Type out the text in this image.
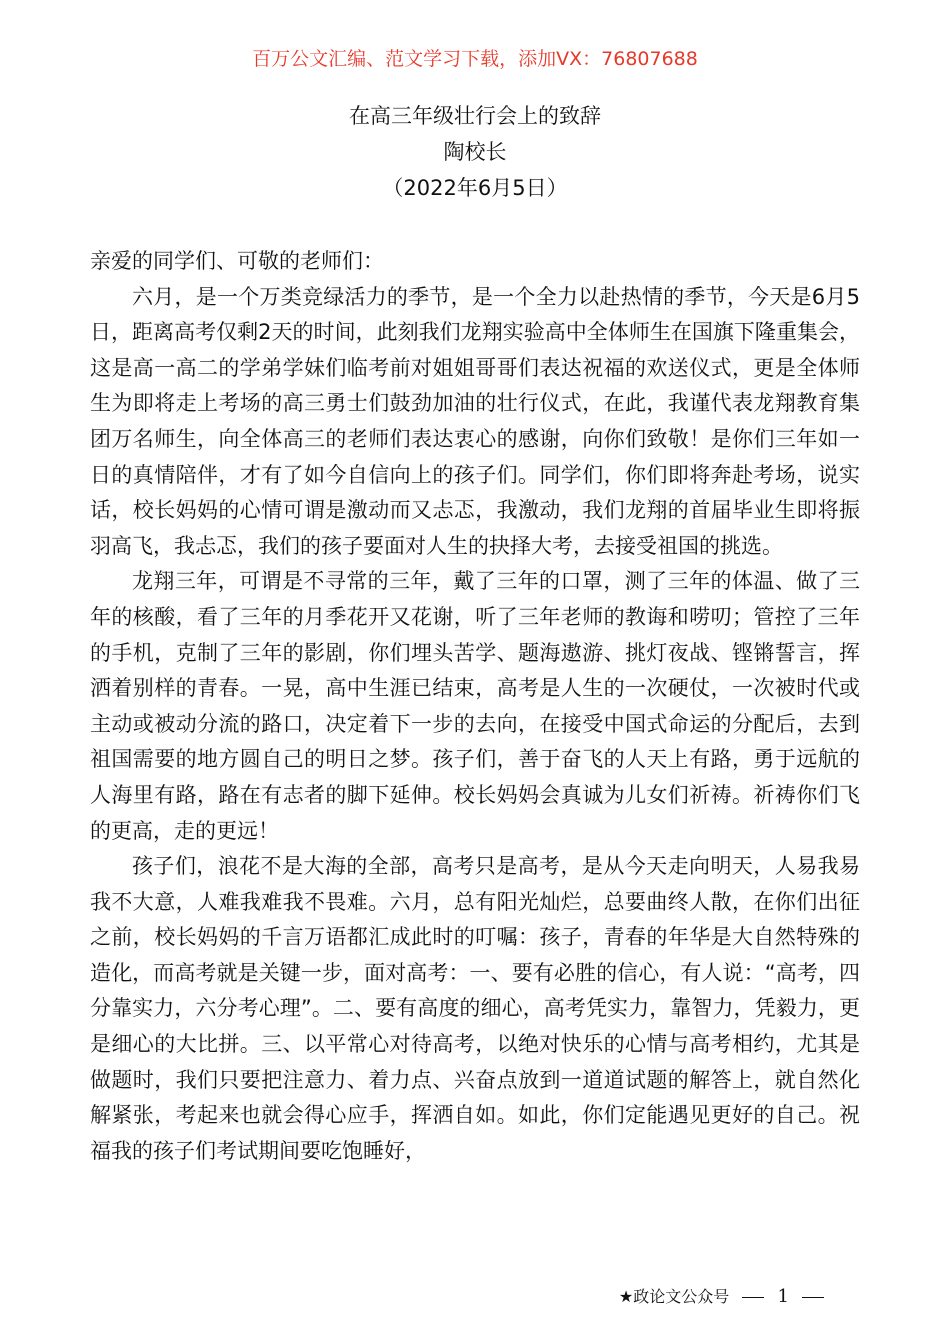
百万公文汇编、范文学习下载，添加VX：76807688
在高三年级壮行会上的致辞
陶校长
（2022年6月5日）

亲爱的同学们、可敬的老师们：

六月，是一个万类竞绿活力的季节，是一个全力以赴热情的季节，今天是6月5日，距离高考仅剩2天的时间，此刻我们龙翔实验高中全体师生在国旗下隆重集会，这是高一高二的学弟学妹们临考前对姐姐哥哥们表达祝福的欢送仪式，更是全体师生为即将走上考场的高三勇士们鼓劲加油的壮行仪式，在此，我谨代表龙翔教育集团万名师生，向全体高三的老师们表达衷心的感谢，向你们致敬！是你们三年如一日的真情陪伴，才有了如今自信向上的孩子们。同学们，你们即将奔赴考场，说实话，校长妈妈的心情可谓是激动而又忐忑，我激动，我们龙翔的首届毕业生即将振羽高飞，我忐忑，我们的孩子要面对人生的抉择大考，去接受祖国的挑选。

龙翔三年，可谓是不寻常的三年，戴了三年的口罩，测了三年的体温、做了三年的核酸，看了三年的月季花开又花谢，听了三年老师的教诲和唠叨；管控了三年的手机，克制了三年的影剧，你们埋头苦学、题海遨游、挑灯夜战、铿锵誓言，挥洒着别样的青春。一晃，高中生涯已结束，高考是人生的一次硬仗，一次被时代或主动或被动分流的路口，决定着下一步的去向，在接受中国式命运的分配后，去到祖国需要的地方圆自己的明日之梦。孩子们，善于奋飞的人天上有路，勇于远航的人海里有路，路在有志者的脚下延伸。校长妈妈会真诚为儿女们祈祷。祈祷你们飞的更高，走的更远！

孩子们，浪花不是大海的全部，高考只是高考，是从今天走向明天，人易我易我不大意，人难我难我不畏难。六月，总有阳光灿烂，总要曲终人散，在你们出征之前，校长妈妈的千言万语都汇成此时的叮嘱：孩子，青春的年华是大自然特殊的造化，而高考就是关键一步，面对高考：一、要有必胜的信心，有人说：“高考，四分靠实力，六分考心理”。二、要有高度的细心，高考凭实力，靠智力，凭毅力，更是细心的大比拼。三、以平常心对待高考，以绝对快乐的心情与高考相约，尤其是做题时，我们只要把注意力、着力点、兴奋点放到一道道试题的解答上，就自然化解紧张，考起来也就会得心应手，挥洒自如。如此，你们定能遇见更好的自己。祝福我的孩子们考试期间要吃饱睡好，

★政论文公众号	1
